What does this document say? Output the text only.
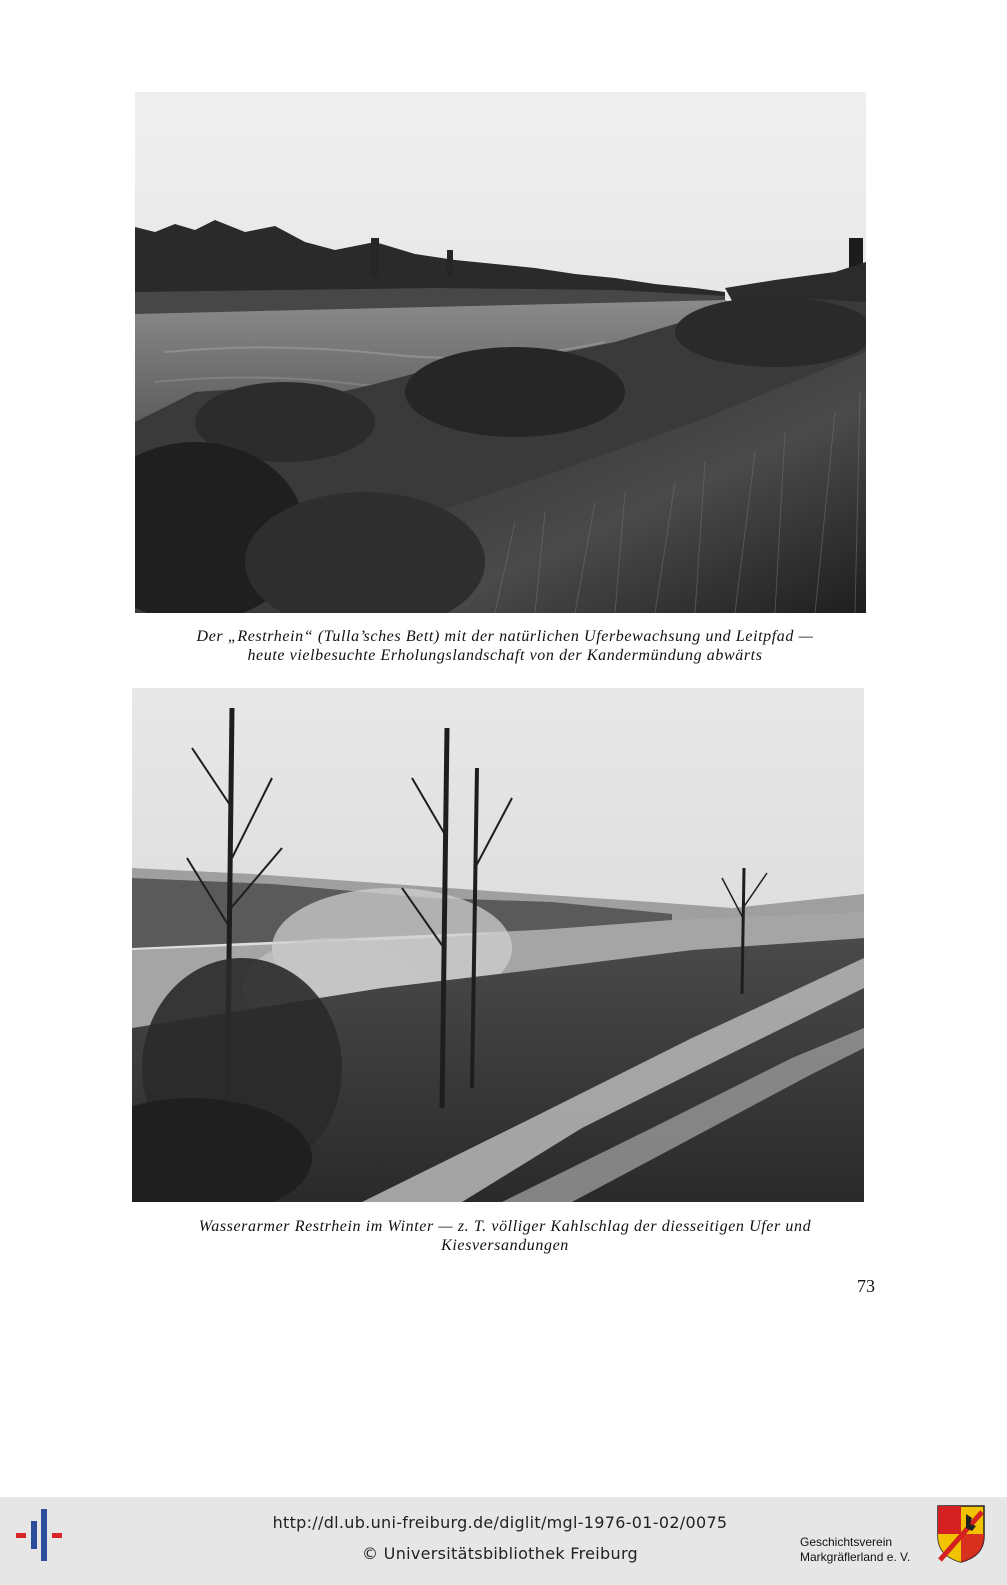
Der „Restrhein“ (Tulla’sches Bett) mit der natürlichen Uferbewachsung und Leitpfad —
heute vielbesuchte Erholungslandschaft von der Kandermündung abwärts

Wasserarmer Restrhein im Winter — z. T. völliger Kahlschlag der diesseitigen Ufer und
Kiesversandungen

73
http://dl.ub.uni-freiburg.de/diglit/mgl-1976-01-02/0075
© Universitätsbibliothek Freiburg
Geschichtsverein
Markgräflerland e. V.
